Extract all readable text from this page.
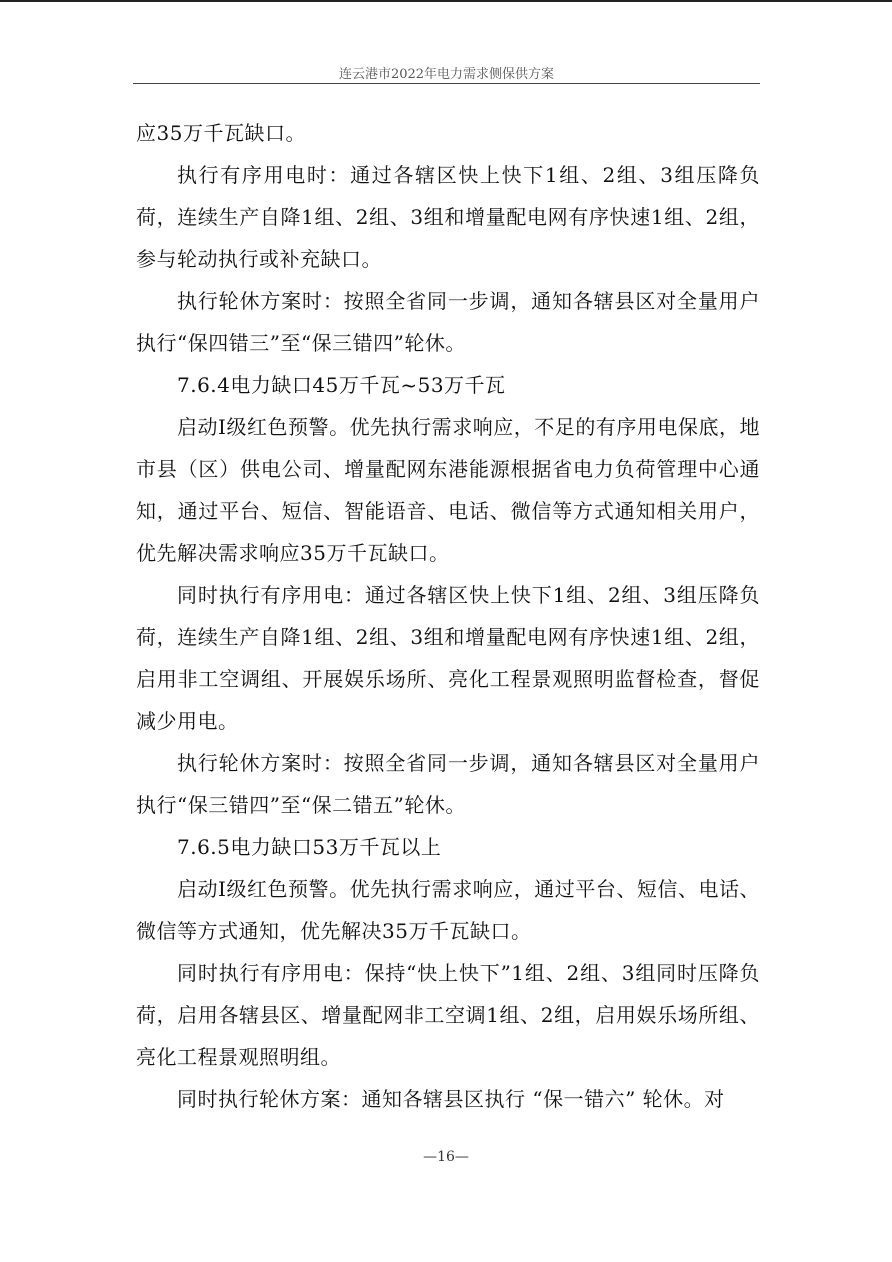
连云港市2022年电力需求侧保供方案

应35万千瓦缺口。

执行有序用电时：通过各辖区快上快下1组、2组、3组压降负荷，连续生产自降1组、2组、3组和增量配电网有序快速1组、2组，参与轮动执行或补充缺口。

执行轮休方案时：按照全省同一步调，通知各辖县区对全量用户执行“保四错三”至“保三错四”轮休。

7.6.4电力缺口45万千瓦~53万千瓦

启动Ⅰ级红色预警。优先执行需求响应，不足的有序用电保底，地市县（区）供电公司、增量配网东港能源根据省电力负荷管理中心通知，通过平台、短信、智能语音、电话、微信等方式通知相关用户，优先解决需求响应35万千瓦缺口。

同时执行有序用电：通过各辖区快上快下1组、2组、3组压降负荷，连续生产自降1组、2组、3组和增量配电网有序快速1组、2组，启用非工空调组、开展娱乐场所、亮化工程景观照明监督检查，督促减少用电。

执行轮休方案时：按照全省同一步调，通知各辖县区对全量用户执行“保三错四”至“保二错五”轮休。

7.6.5电力缺口53万千瓦以上

启动Ⅰ级红色预警。优先执行需求响应，通过平台、短信、电话、微信等方式通知，优先解决35万千瓦缺口。

同时执行有序用电：保持“快上快下”1组、2组、3组同时压降负荷，启用各辖县区、增量配网非工空调1组、2组，启用娱乐场所组、亮化工程景观照明组。

同时执行轮休方案：通知各辖县区执行 “保一错六” 轮休。对

—16—
